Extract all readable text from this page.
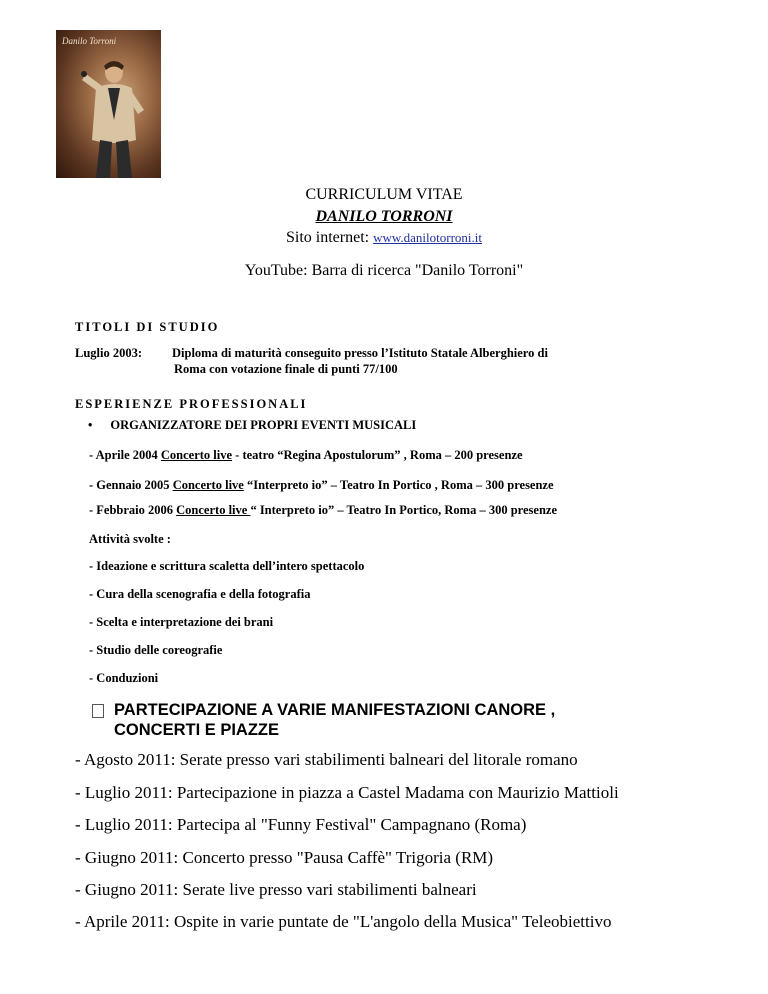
Danilo Torroni
CURRICULUM VITAE
DANILO TORRONI
Sito internet: www.danilotorroni.it
YouTube: Barra di ricerca "Danilo Torroni"
TITOLI DI STUDIO
Luglio 2003: Diploma di maturità conseguito presso l’Istituto Statale Alberghiero di
Roma con votazione finale di punti 77/100
ESPERIENZE PROFESSIONALI
• ORGANIZZATORE DEI PROPRI EVENTI MUSICALI
- Aprile 2004 Concerto live - teatro “Regina Apostulorum” , Roma – 200 presenze
- Gennaio 2005 Concerto live “Interpreto io” – Teatro In Portico , Roma – 300 presenze
- Febbraio 2006 Concerto live “ Interpreto io” – Teatro In Portico, Roma – 300 presenze
Attività svolte :
- Ideazione e scrittura scaletta dell’intero spettacolo
- Cura della scenografia e della fotografia
- Scelta e interpretazione dei brani
- Studio delle coreografie
- Conduzioni
PARTECIPAZIONE A VARIE MANIFESTAZIONI CANORE ,
CONCERTI E PIAZZE
- Agosto 2011: Serate presso vari stabilimenti balneari del litorale romano
- Luglio 2011: Partecipazione in piazza a Castel Madama con Maurizio Mattioli
- Luglio 2011: Partecipa al "Funny Festival" Campagnano (Roma)
- Giugno 2011: Concerto presso "Pausa Caffè" Trigoria (RM)
- Giugno 2011: Serate live presso vari stabilimenti balneari
- Aprile 2011: Ospite in varie puntate de "L'angolo della Musica" Teleobiettivo
